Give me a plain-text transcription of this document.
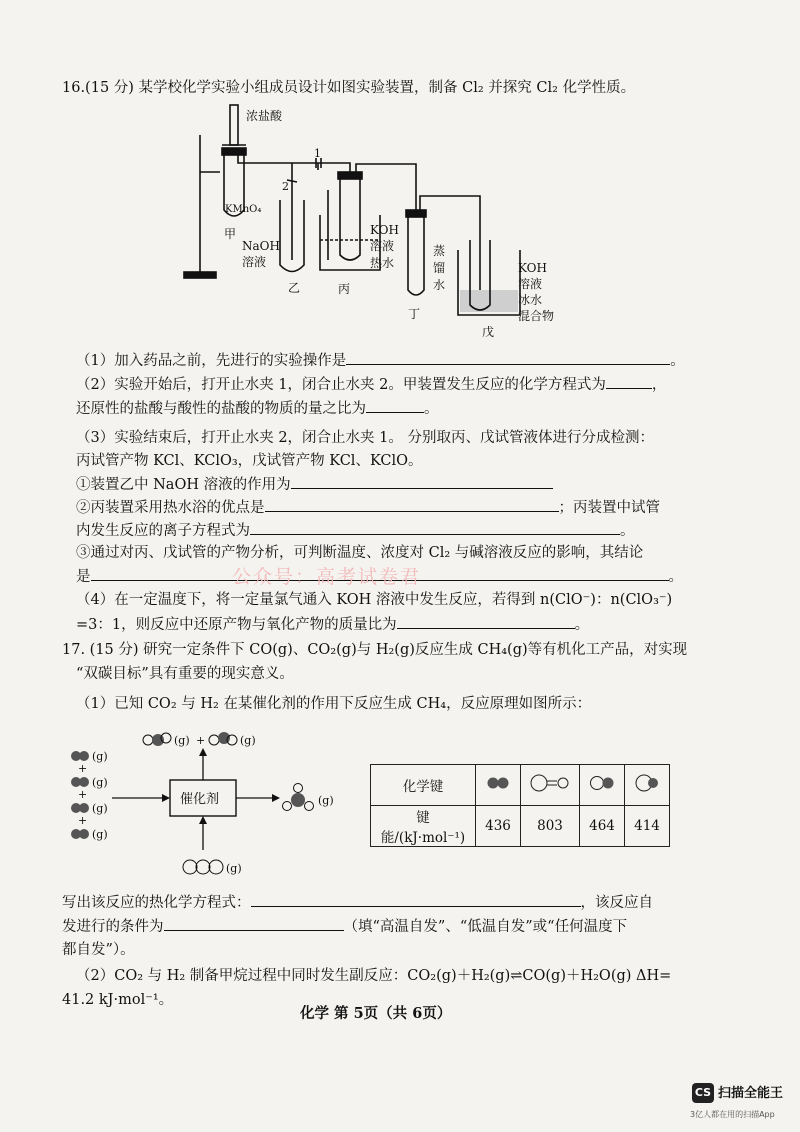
16.(15 分) 某学校化学实验小组成员设计如图实验装置，制备 Cl₂ 并探究 Cl₂ 化学性质。
浓盐酸
KMnO₄
甲
1
2
NaOH
溶液
乙
KOH
溶液
热水
丙
蒸
馏
水
丁
KOH
溶液
冰水
混合物
戊
（1）加入药品之前，先进行的实验操作是	。
（2）实验开始后，打开止水夹 1，闭合止水夹 2。甲装置发生反应的化学方程式为	，
还原性的盐酸与酸性的盐酸的物质的量之比为	。
（3）实验结束后，打开止水夹 2，闭合止水夹 1。 分别取丙、戊试管液体进行分成检测：
丙试管产物 KCl、KClO₃，戊试管产物 KCl、KClO。
①装置乙中 NaOH 溶液的作用为
②丙装置采用热水浴的优点是	；丙装置中试管
内发生反应的离子方程式为	。
③通过对丙、戊试管的产物分析，可判断温度、浓度对 Cl₂ 与碱溶液反应的影响，其结论
是	。
公众号：高考试卷君
（4）在一定温度下，将一定量氯气通入 KOH 溶液中发生反应，若得到 n(ClO⁻)：n(ClO₃⁻)
=3：1，则反应中还原产物与氧化产物的质量比为	。
17. (15 分) 研究一定条件下 CO(g)、CO₂(g)与 H₂(g)反应生成 CH₄(g)等有机化工产品，对实现
“双碳目标”具有重要的现实意义。
（1）已知 CO₂ 与 H₂ 在某催化剂的作用下反应生成 CH₄，反应原理如图所示：
(g)
+
(g)
+
(g)
+
(g)
催化剂
(g) +	(g)
(g)
(g)
化学键				
键能/(kJ·mol⁻¹)	436	803	464	414
写出该反应的热化学方程式：	，该反应自
发进行的条件为	（填“高温自发”、“低温自发”或“任何温度下
都自发”）。
（2）CO₂ 与 H₂ 制备甲烷过程中同时发生副反应：CO₂(g)＋H₂(g)⇌CO(g)＋H₂O(g) ΔH=
41.2 kJ·mol⁻¹。
化学 第 5页（共 6页）
CS 扫描全能王
3亿人都在用的扫描App
